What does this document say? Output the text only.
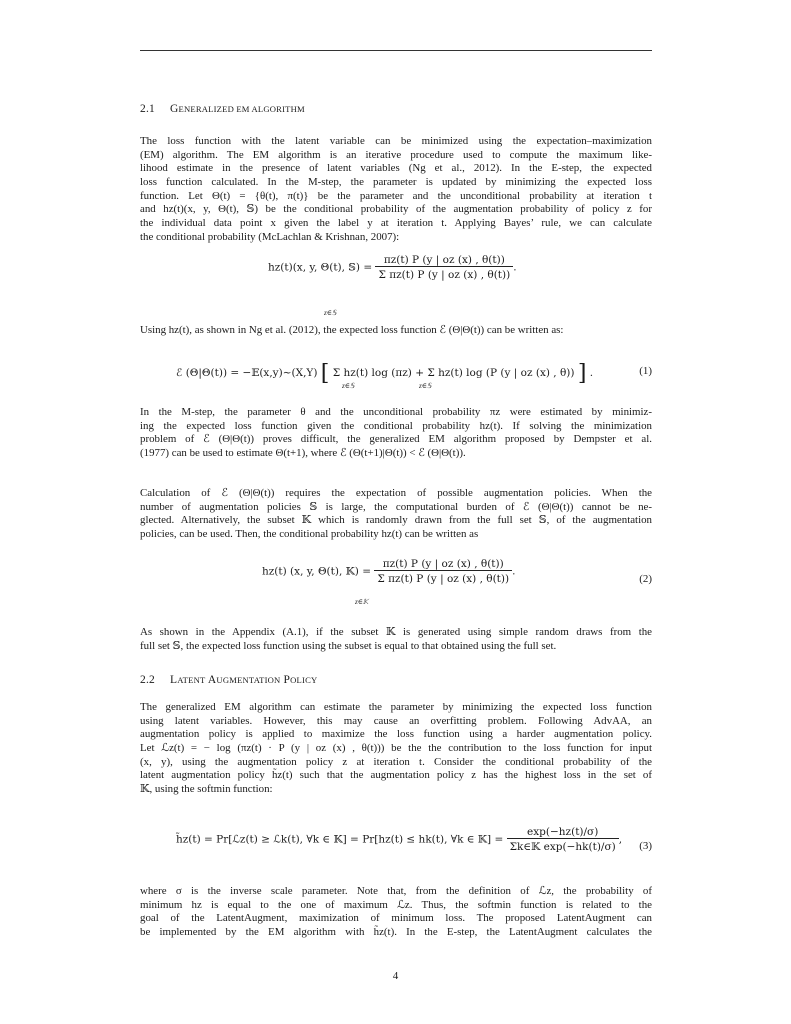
2.1 GENERALIZED EM ALGORITHM
The loss function with the latent variable can be minimized using the expectation–maximization
(EM) algorithm. The EM algorithm is an iterative procedure used to compute the maximum like-
lihood estimate in the presence of latent variables (Ng et al., 2012). In the E-step, the expected
loss function calculated. In the M-step, the parameter is updated by minimizing the expected loss
function. Let Θ(t) = {θ(t), π(t)} be the parameter and the unconditional probability at iteration t
and hz(t)(x, y, Θ(t), 𝕊) be the conditional probability of the augmentation probability of policy z for
the individual data point x given the label y at iteration t. Applying Bayes’ rule, we can calculate
the conditional probability (McLachlan & Krishnan, 2007):
hz(t)(x, y, Θ(t), 𝕊) = $\frac{\pi z(t) P (y | oz (x) , \theta(t))}{\text{Σ πz(t) P (y | oz (x) , θ(t))}}$ .
z∈𝕊
Using hz(t), as shown in Ng et al. (2012), the expected loss function ℰ (Θ|Θ(t)) can be written as:
ℰ (Θ|Θ(t)) = −𝔼(x,y)∼(X,Y) [ Σ hz(t) log (πz) + Σ hz(t) log (P (y | oz (x) , θ)) ] .
z∈𝕊	z∈𝕊
(1)
In the M-step, the parameter θ and the unconditional probability πz were estimated by minimiz-
ing the expected loss function given the conditional probability hz(t). If solving the minimization
problem of ℰ (Θ|Θ(t)) proves difficult, the generalized EM algorithm proposed by Dempster et al.
(1977) can be used to estimate Θ(t+1), where ℰ (Θ(t+1)|Θ(t)) < ℰ (Θ|Θ(t)).
Calculation of ℰ (Θ|Θ(t)) requires the expectation of possible augmentation policies. When the
number of augmentation policies 𝕊 is large, the computational burden of ℰ (Θ|Θ(t)) cannot be ne-
glected. Alternatively, the subset 𝕂 which is randomly drawn from the full set 𝕊, of the augmentation
policies, can be used. Then, the conditional probability hz(t) can be written as
hz(t) (x, y, Θ(t), 𝕂) = $\frac{\pi z(t) P (y | oz (x) , \theta(t))}{\text{Σ πz(t) P (y | oz (x) , θ(t))}}$ .
z∈𝕂
(2)
As shown in the Appendix (A.1), if the subset 𝕂 is generated using simple random draws from the
full set 𝕊, the expected loss function using the subset is equal to that obtained using the full set.
2.2 LATENT AUGMENTATION POLICY
The generalized EM algorithm can estimate the parameter by minimizing the expected loss function
using latent variables. However, this may cause an overfitting problem. Following AdvAA, an
augmentation policy is applied to maximize the loss function using a harder augmentation policy.
Let ℒz(t) = − log (πz(t) · P (y | oz (x) , θ(t))) be the the contribution to the loss function for input
(x, y), using the augmentation policy z at iteration t. Consider the conditional probability of the
latent augmentation policy h̃z(t) such that the augmentation policy z has the highest loss in the set of
𝕂, using the softmin function:
h̃z(t) = Pr[ℒz(t) ≥ ℒk(t), ∀k ∈ 𝕂] = Pr[hz(t) ≤ hk(t), ∀k ∈ 𝕂] = $\frac{\exp(-hz(t)/\sigma)}{\text{Σk∈𝕂 exp(−hk(t)/σ)}}$ ,
(3)
where σ is the inverse scale parameter. Note that, from the definition of ℒz, the probability of
minimum hz is equal to the one of maximum ℒz. Thus, the softmin function is related to the
goal of the LatentAugment, maximization of minimum loss. The proposed LatentAugment can
be implemented by the EM algorithm with h̃z(t). In the E-step, the LatentAugment calculates the
4
